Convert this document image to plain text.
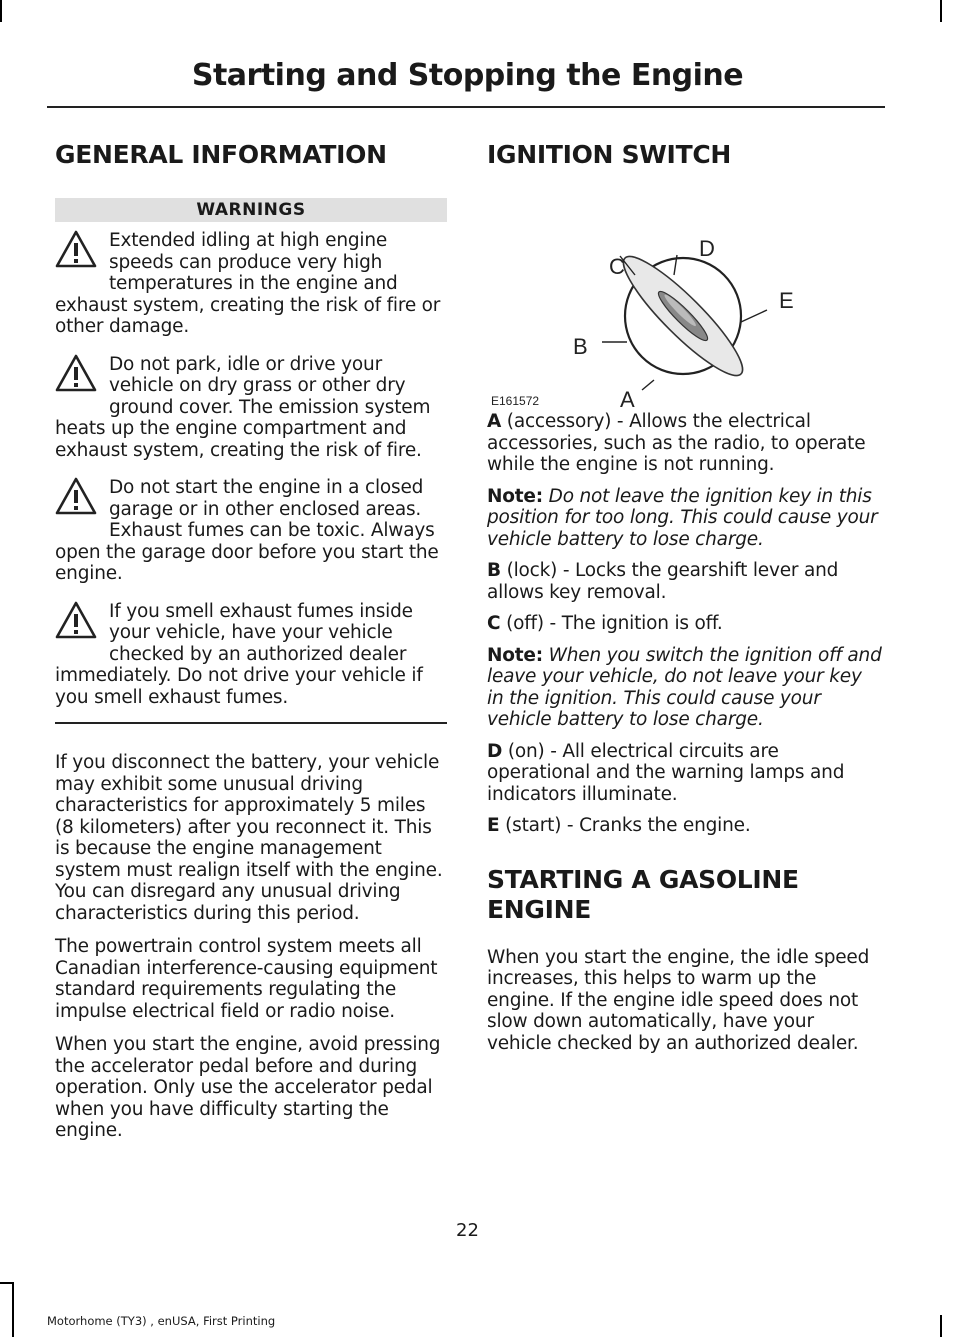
Starting and Stopping the Engine
GENERAL INFORMATION
WARNINGS
Extended idling at high engine speeds can produce very high temperatures in the engine and exhaust system, creating the risk of fire or other damage.
Do not park, idle or drive your vehicle on dry grass or other dry ground cover. The emission system heats up the engine compartment and exhaust system, creating the risk of fire.
Do not start the engine in a closed garage or in other enclosed areas. Exhaust fumes can be toxic. Always open the garage door before you start the engine.
If you smell exhaust fumes inside your vehicle, have your vehicle checked by an authorized dealer immediately. Do not drive your vehicle if you smell exhaust fumes.

If you disconnect the battery, your vehicle may exhibit some unusual driving characteristics for approximately 5 miles (8 kilometers) after you reconnect it. This is because the engine management system must realign itself with the engine. You can disregard any unusual driving characteristics during this period.

The powertrain control system meets all Canadian interference-causing equipment standard requirements regulating the impulse electrical field or radio noise.

When you start the engine, avoid pressing the accelerator pedal before and during operation. Only use the accelerator pedal when you have difficulty starting the engine.

IGNITION SWITCH
C
D
E
B
A
E161572

A (accessory) - Allows the electrical accessories, such as the radio, to operate while the engine is not running.

Note: Do not leave the ignition key in this position for too long. This could cause your vehicle battery to lose charge.

B (lock) - Locks the gearshift lever and allows key removal.

C (off) - The ignition is off.

Note: When you switch the ignition off and leave your vehicle, do not leave your key in the ignition. This could cause your vehicle battery to lose charge.

D (on) - All electrical circuits are operational and the warning lamps and indicators illuminate.

E (start) - Cranks the engine.

STARTING A GASOLINE
ENGINE

When you start the engine, the idle speed increases, this helps to warm up the engine. If the engine idle speed does not slow down automatically, have your vehicle checked by an authorized dealer.

22
Motorhome (TY3) , enUSA, First Printing
